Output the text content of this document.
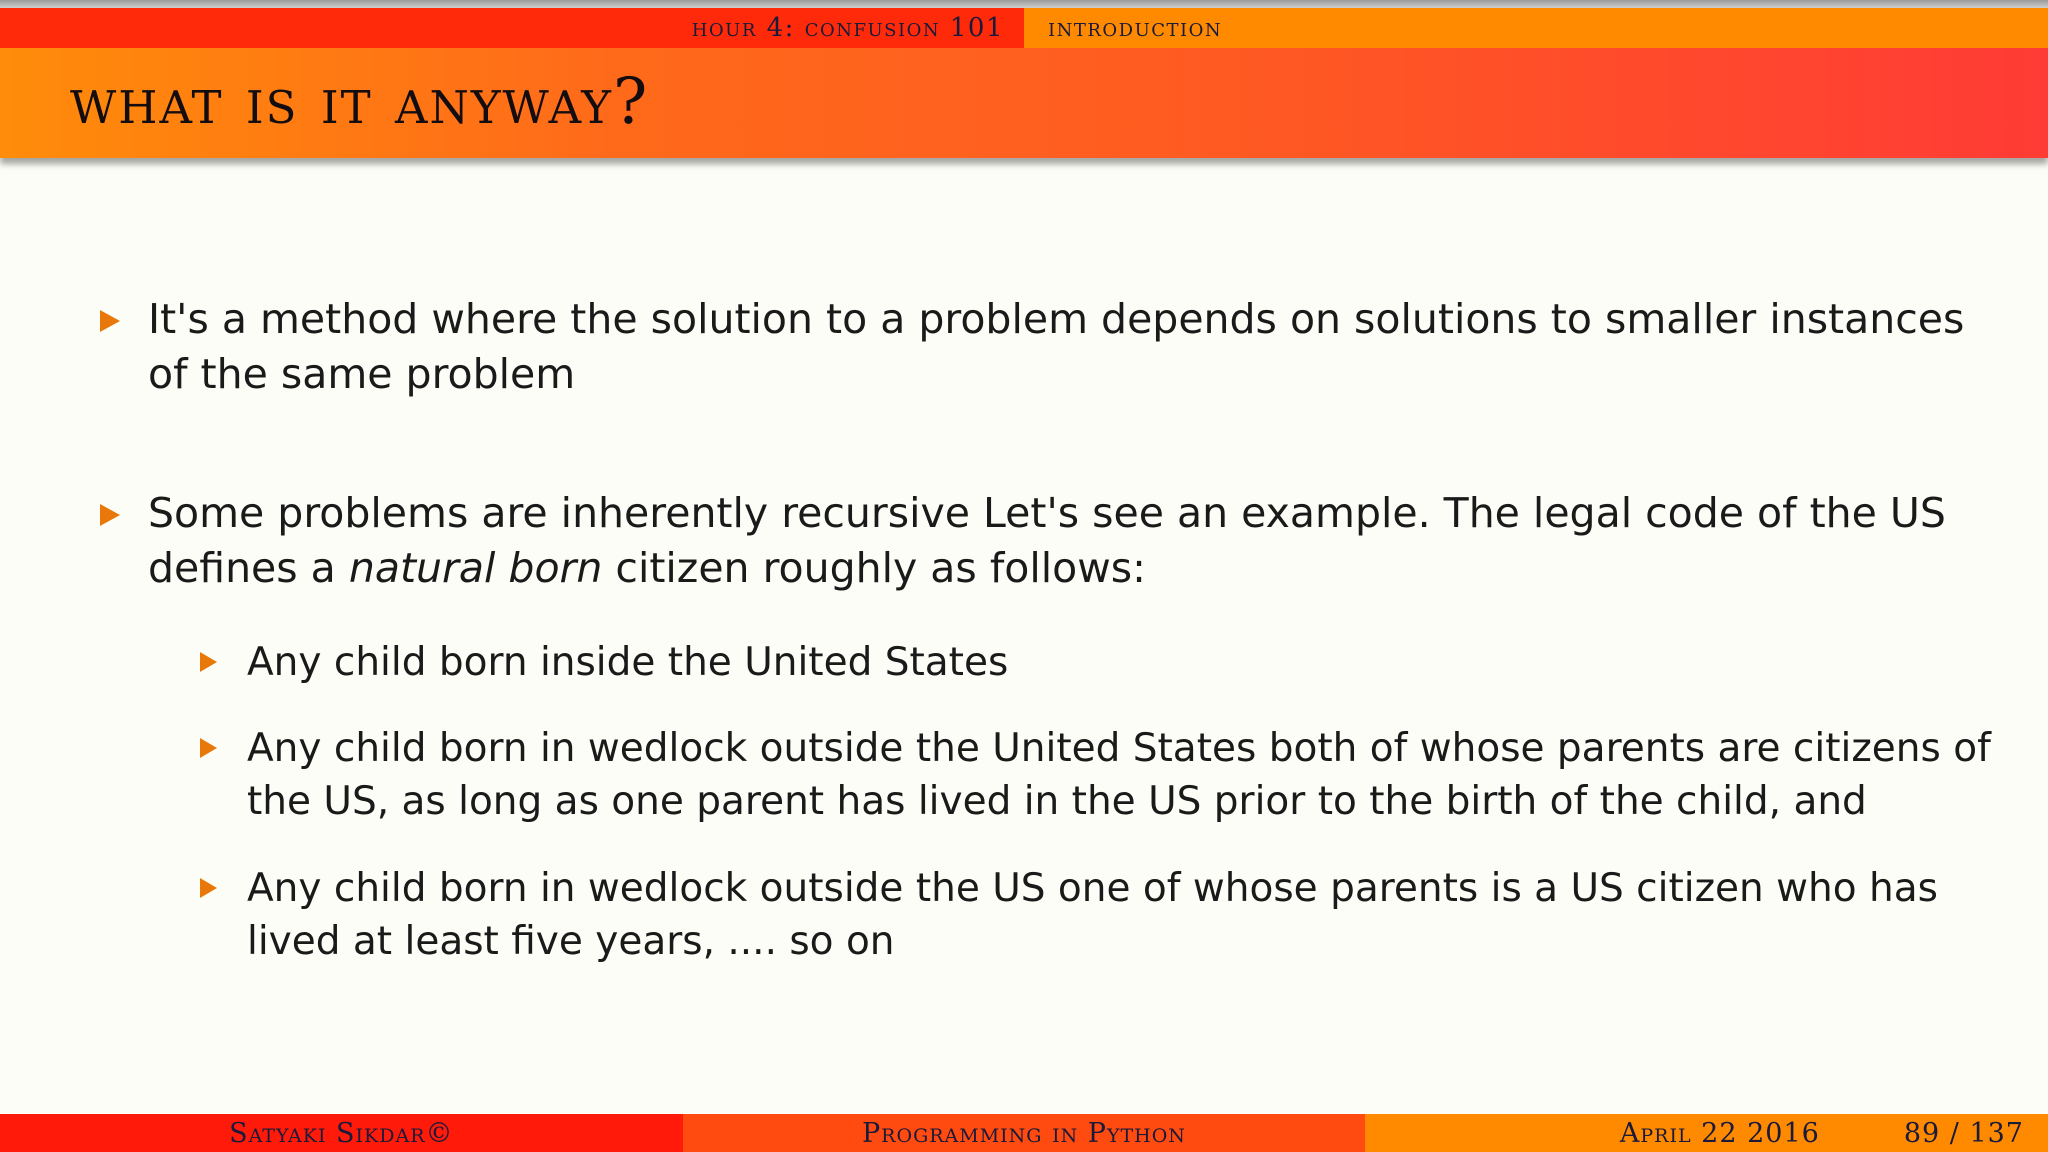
hour 4: confusion 101 introduction
what is it anyway?
It's a method where the solution to a problem depends on solutions to smaller instances of the same problem
Some problems are inherently recursive Let's see an example. The legal code of the US defines a natural born citizen roughly as follows:
Any child born inside the United States
Any child born in wedlock outside the United States both of whose parents are citizens of the US, as long as one parent has lived in the US prior to the birth of the child, and
Any child born in wedlock outside the US one of whose parents is a US citizen who has lived at least five years, .... so on
Satyaki Sikdar©	Programming in Python	April 22 2016	89 / 137
